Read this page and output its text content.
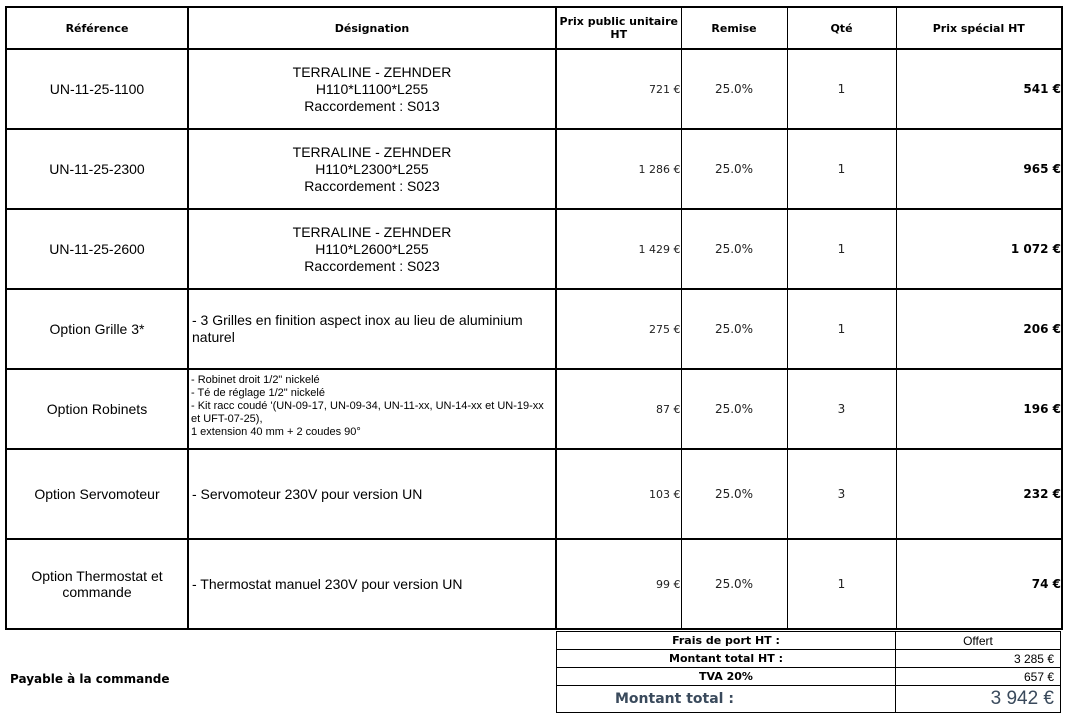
Référence	Désignation	Prix public unitaire HT	Remise	Qté	Prix spécial HT
UN-11-25-1100	TERRALINE - ZEHNDER
H110*L1100*L255
Raccordement : S013	721 €	25.0%	1	541 €
UN-11-25-2300	TERRALINE - ZEHNDER
H110*L2300*L255
Raccordement : S023	1 286 €	25.0%	1	965 €
UN-11-25-2600	TERRALINE - ZEHNDER
H110*L2600*L255
Raccordement : S023	1 429 €	25.0%	1	1 072 €
Option Grille 3*	- 3 Grilles en finition aspect inox au lieu de aluminium naturel	275 €	25.0%	1	206 €
Option Robinets	- Robinet droit 1/2" nickelé
- Té de réglage 1/2" nickelé
- Kit racc coudé '(UN-09-17, UN-09-34, UN-11-xx, UN-14-xx et UN-19-xx et UFT-07-25),
1 extension 40 mm + 2 coudes 90°	87 €	25.0%	3	196 €
Option Servomoteur	- Servomoteur 230V pour version UN	103 €	25.0%	3	232 €
Option Thermostat et commande	- Thermostat manuel 230V pour version UN	99 €	25.0%	1	74 €
Payable à la commande
Frais de port HT :	Offert
Montant total HT :	3 285 €
TVA 20%	657 €
Montant total :	3 942 €
